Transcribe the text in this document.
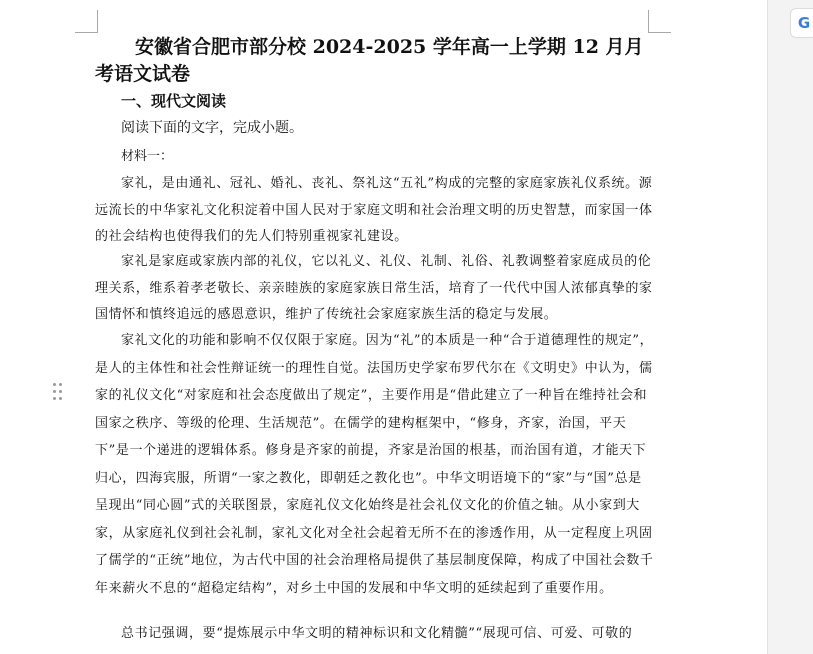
安徽省合肥市部分校 2024-2025 学年高一上学期 12 月月考语文试卷
一、现代文阅读
阅读下面的文字，完成小题。
材料一：

家礼，是由通礼、冠礼、婚礼、丧礼、祭礼这“五礼”构成的完整的家庭家族礼仪系统。源远流长的中华家礼文化积淀着中国人民对于家庭文明和社会治理文明的历史智慧，而家国一体的社会结构也使得我们的先人们特别重视家礼建设。

家礼是家庭或家族内部的礼仪，它以礼义、礼仪、礼制、礼俗、礼教调整着家庭成员的伦理关系，维系着孝老敬长、亲亲睦族的家庭家族日常生活，培育了一代代中国人浓郁真挚的家国情怀和慎终追远的感恩意识，维护了传统社会家庭家族生活的稳定与发展。

家礼文化的功能和影响不仅仅限于家庭。因为“礼”的本质是一种“合于道德理性的规定”，是人的主体性和社会性辩证统一的理性自觉。法国历史学家布罗代尔在《文明史》中认为，儒家的礼仪文化“对家庭和社会态度做出了规定”，主要作用是“借此建立了一种旨在维持社会和国家之秩序、等级的伦理、生活规范”。在儒学的建构框架中，“修身，齐家，治国，平天下”是一个递进的逻辑体系。修身是齐家的前提，齐家是治国的根基，而治国有道，才能天下归心，四海宾服，所谓“一家之教化，即朝廷之教化也”。中华文明语境下的“家”与“国”总是呈现出“同心圆”式的关联图景，家庭礼仪文化始终是社会礼仪文化的价值之轴。从小家到大家，从家庭礼仪到社会礼制，家礼文化对全社会起着无所不在的渗透作用，从一定程度上巩固了儒学的“正统”地位，为古代中国的社会治理格局提供了基层制度保障，构成了中国社会数千年来薪火不息的“超稳定结构”，对乡土中国的发展和中华文明的延续起到了重要作用。

总书记强调，要“提炼展示中华文明的精神标识和文化精髓”“展现可信、可爱、可敬的

G
